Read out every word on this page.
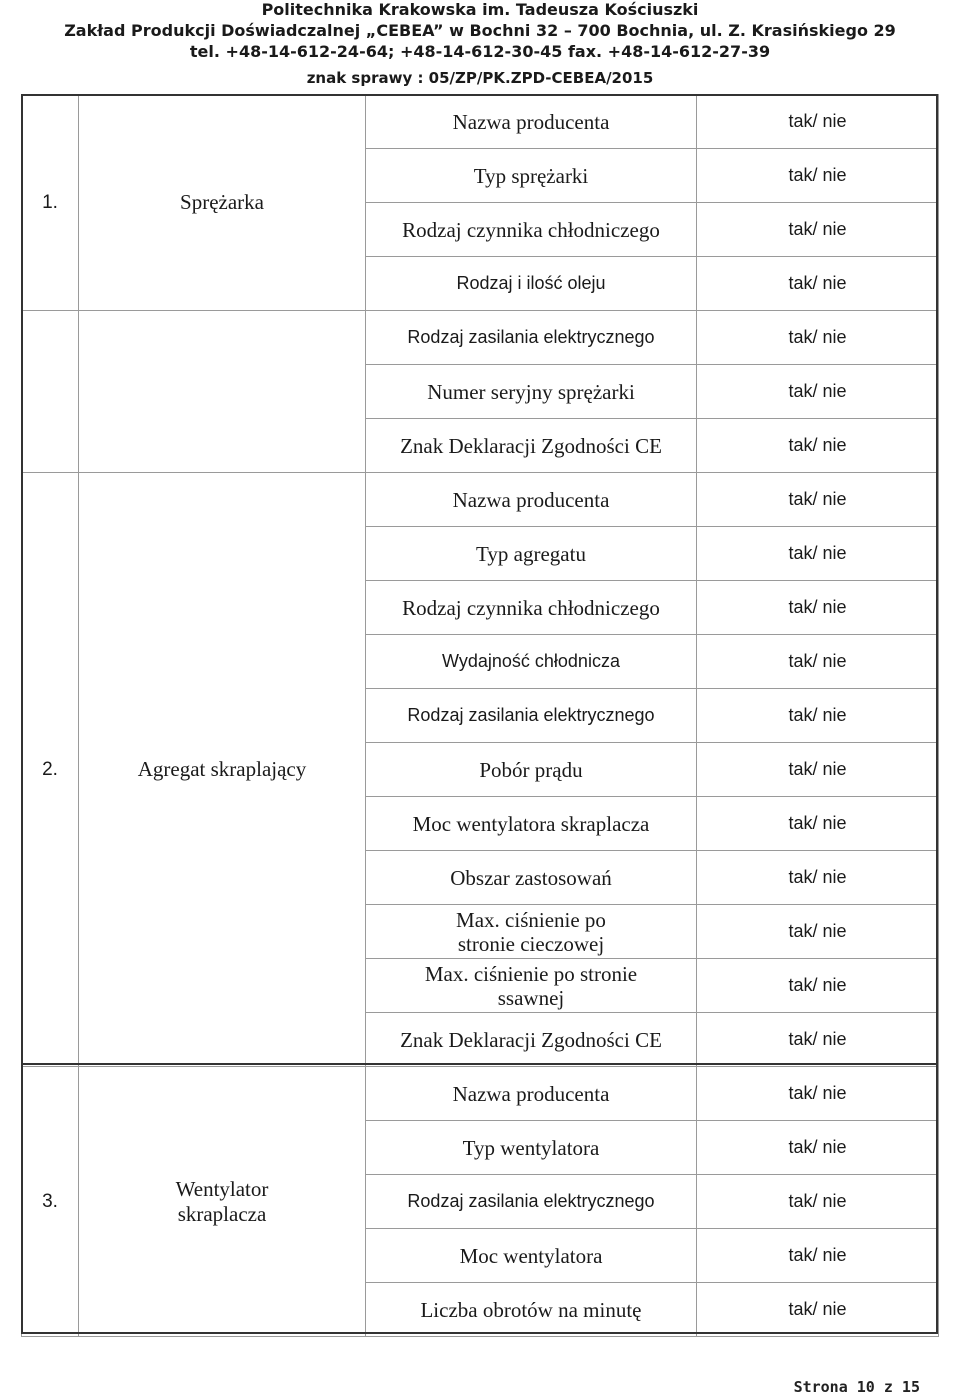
Politechnika Krakowska im. Tadeusza Kościuszki
Zakład Produkcji Doświadczalnej „CEBEA” w Bochni 32 – 700 Bochnia, ul. Z. Krasińskiego 29
tel. +48-14-612-24-64; +48-14-612-30-45 fax. +48-14-612-27-39
znak sprawy : 05/ZP/PK.ZPD-CEBEA/2015
1.	Sprężarka	Nazwa producenta	tak/ nie
		Typ sprężarki	tak/ nie
		Rodzaj czynnika chłodniczego	tak/ nie
		Rodzaj i ilość oleju	tak/ nie
		Rodzaj zasilania elektrycznego	tak/ nie
		Numer seryjny sprężarki	tak/ nie
		Znak Deklaracji Zgodności CE	tak/ nie
2.	Agregat skraplający	Nazwa producenta	tak/ nie
		Typ agregatu	tak/ nie
		Rodzaj czynnika chłodniczego	tak/ nie
		Wydajność chłodnicza	tak/ nie
		Rodzaj zasilania elektrycznego	tak/ nie
		Pobór prądu	tak/ nie
		Moc wentylatora skraplacza	tak/ nie
		Obszar zastosowań	tak/ nie
		Max. ciśnienie po stronie cieczowej	tak/ nie
		Max. ciśnienie po stronie ssawnej	tak/ nie
		Znak Deklaracji Zgodności CE	tak/ nie
3.	Wentylator skraplacza	Nazwa producenta	tak/ nie
		Typ wentylatora	tak/ nie
		Rodzaj zasilania elektrycznego	tak/ nie
		Moc wentylatora	tak/ nie
		Liczba obrotów na minutę	tak/ nie
Strona 10 z 15
